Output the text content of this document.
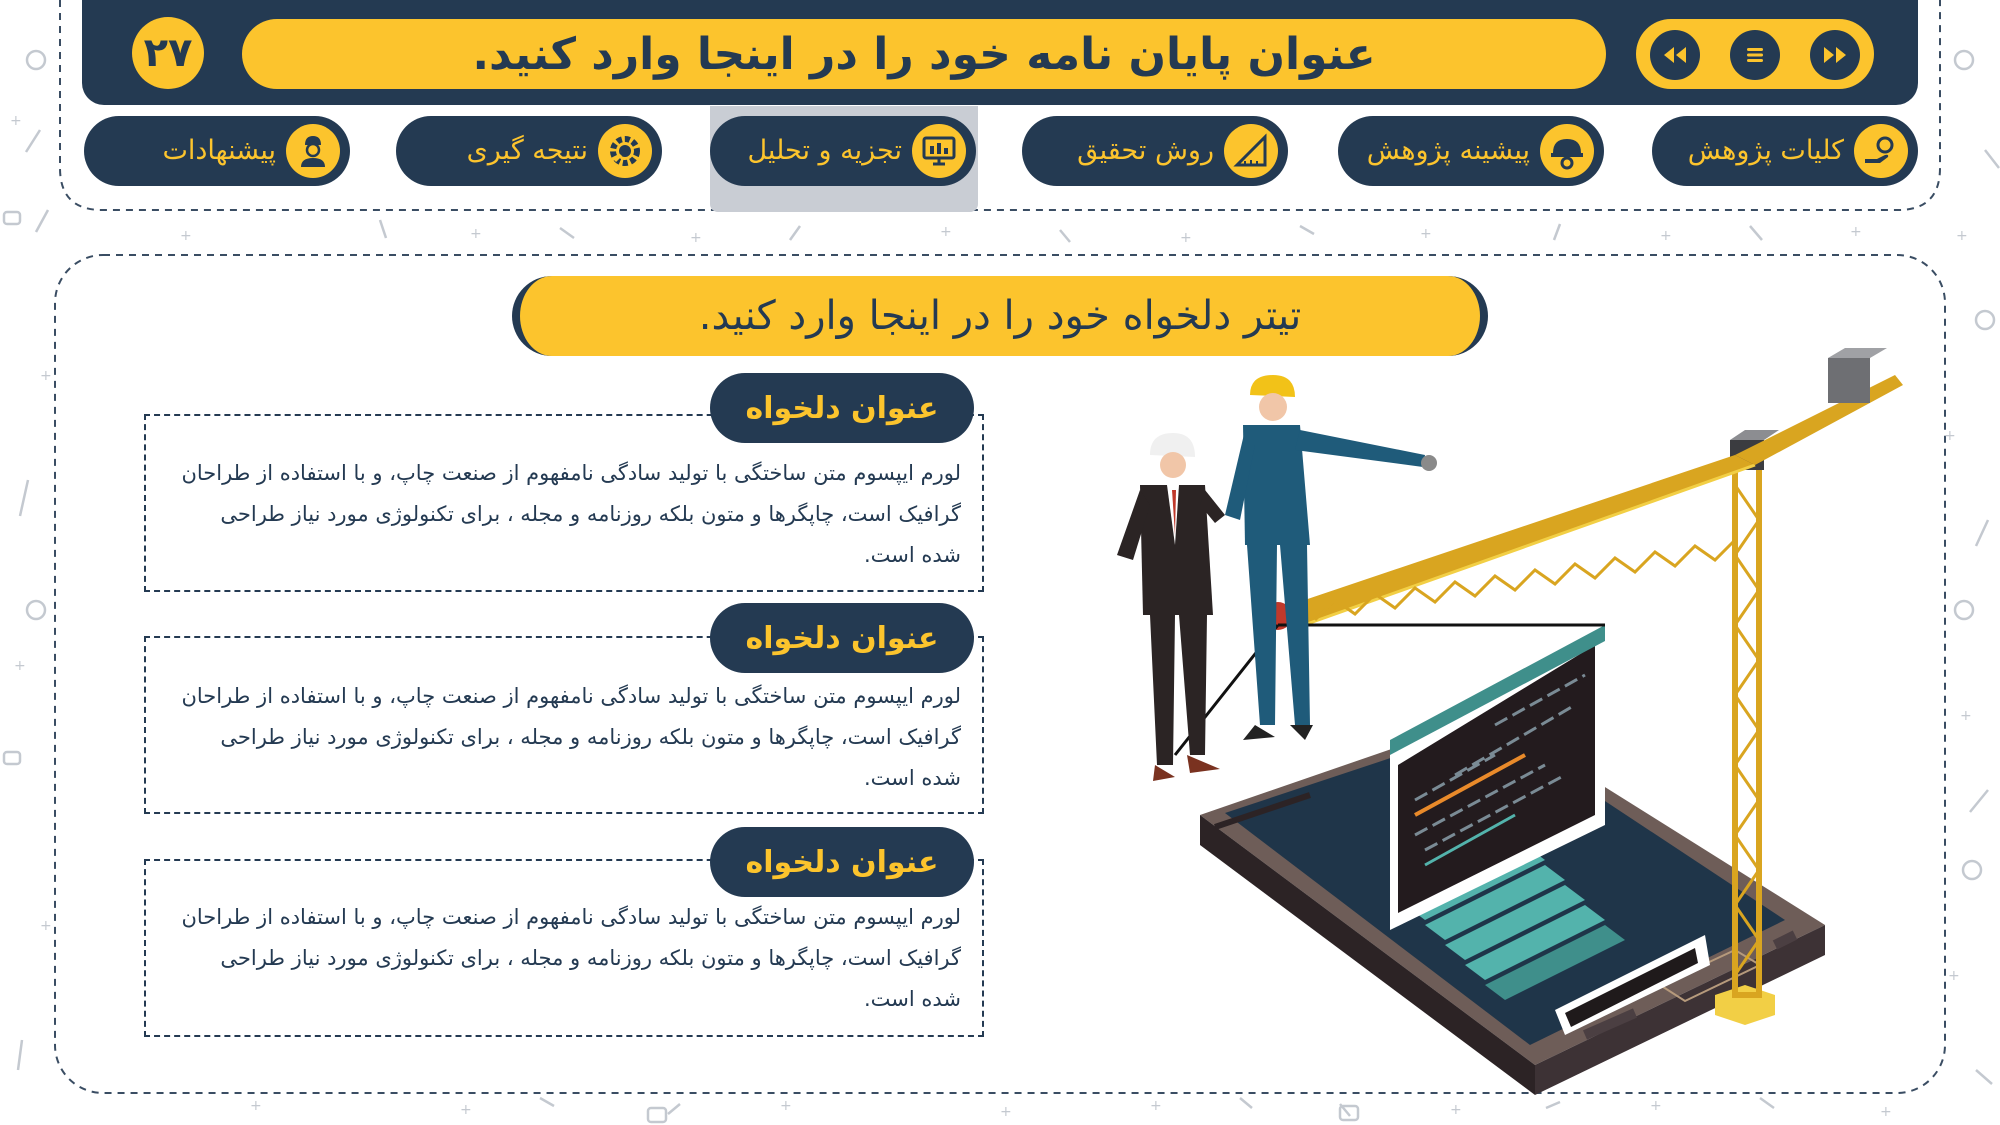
+
+
+
+
+
+
+
+
+	+	+	+	+	+	+	+
+	+	+	+	+	+	+	+
۲۷	عنوان پایان نامه خود را در اینجا وارد کنید.
کلیات پژوهش
پیشینه پژوهش
روش تحقیق
تجزیه و تحلیل
نتیجه گیری
پیشنهادات
تیتر دلخواه خود را در اینجا وارد کنید.
عنوان دلخواه
لورم ایپسوم متن ساختگی با تولید سادگی نامفهوم از صنعت چاپ، و با استفاده از طراحان گرافیک است، چاپگرها و متون بلکه روزنامه و مجله ، برای تکنولوژی مورد نیاز طراحی شده است.
عنوان دلخواه
لورم ایپسوم متن ساختگی با تولید سادگی نامفهوم از صنعت چاپ، و با استفاده از طراحان گرافیک است، چاپگرها و متون بلکه روزنامه و مجله ، برای تکنولوژی مورد نیاز طراحی شده است.
عنوان دلخواه
لورم ایپسوم متن ساختگی با تولید سادگی نامفهوم از صنعت چاپ، و با استفاده از طراحان گرافیک است، چاپگرها و متون بلکه روزنامه و مجله ، برای تکنولوژی مورد نیاز طراحی شده است.
